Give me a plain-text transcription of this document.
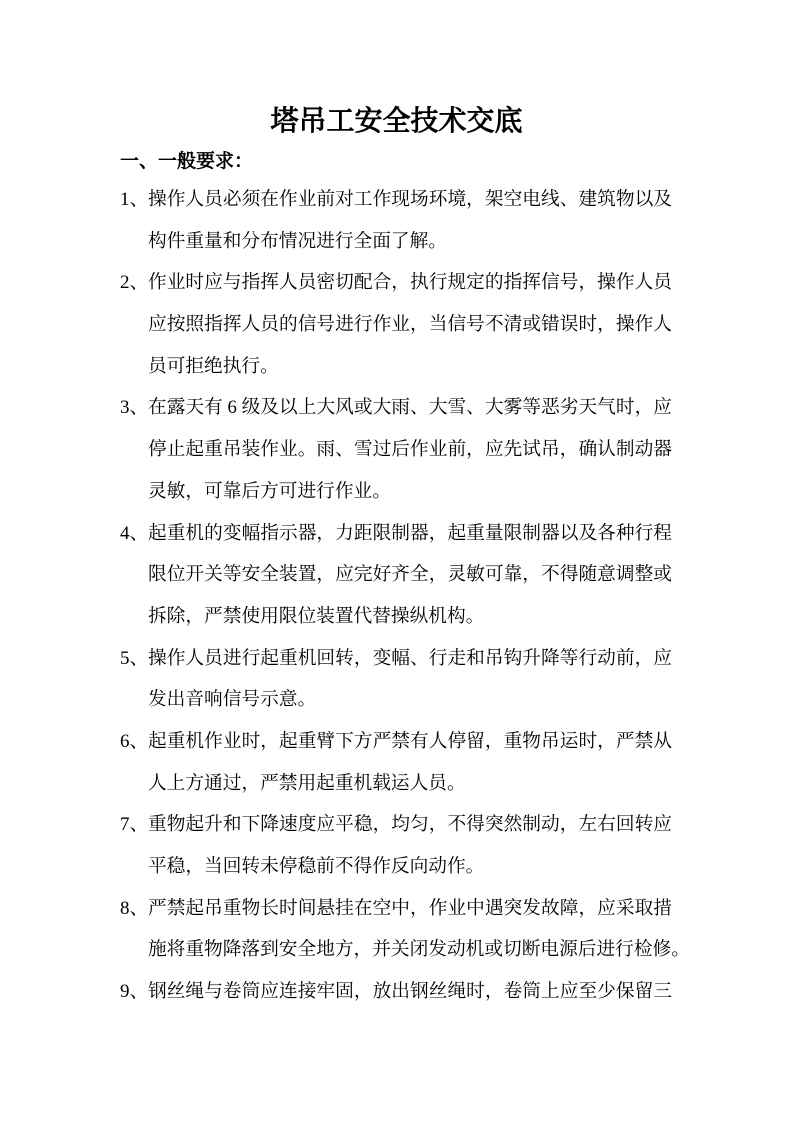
塔吊工安全技术交底
一、一般要求：
1、 操作人员必须在作业前对工作现场环境，架空电线、建筑物以及
构件重量和分布情况进行全面了解。
2、 作业时应与指挥人员密切配合，执行规定的指挥信号，操作人员
应按照指挥人员的信号进行作业，当信号不清或错误时，操作人
员可拒绝执行。
3、 在露天有 6 级及以上大风或大雨、大雪、大雾等恶劣天气时，应
停止起重吊装作业。雨、雪过后作业前，应先试吊，确认制动器
灵敏，可靠后方可进行作业。
4、 起重机的变幅指示器，力距限制器，起重量限制器以及各种行程
限位开关等安全装置，应完好齐全，灵敏可靠，不得随意调整或
拆除，严禁使用限位装置代替操纵机构。
5、 操作人员进行起重机回转，变幅、行走和吊钩升降等行动前，应
发出音响信号示意。
6、 起重机作业时，起重臂下方严禁有人停留，重物吊运时，严禁从
人上方通过，严禁用起重机载运人员。
7、 重物起升和下降速度应平稳，均匀，不得突然制动，左右回转应
平稳，当回转未停稳前不得作反向动作。
8、 严禁起吊重物长时间悬挂在空中，作业中遇突发故障，应采取措
施将重物降落到安全地方，并关闭发动机或切断电源后进行检修。
9、 钢丝绳与卷筒应连接牢固，放出钢丝绳时，卷筒上应至少保留三
